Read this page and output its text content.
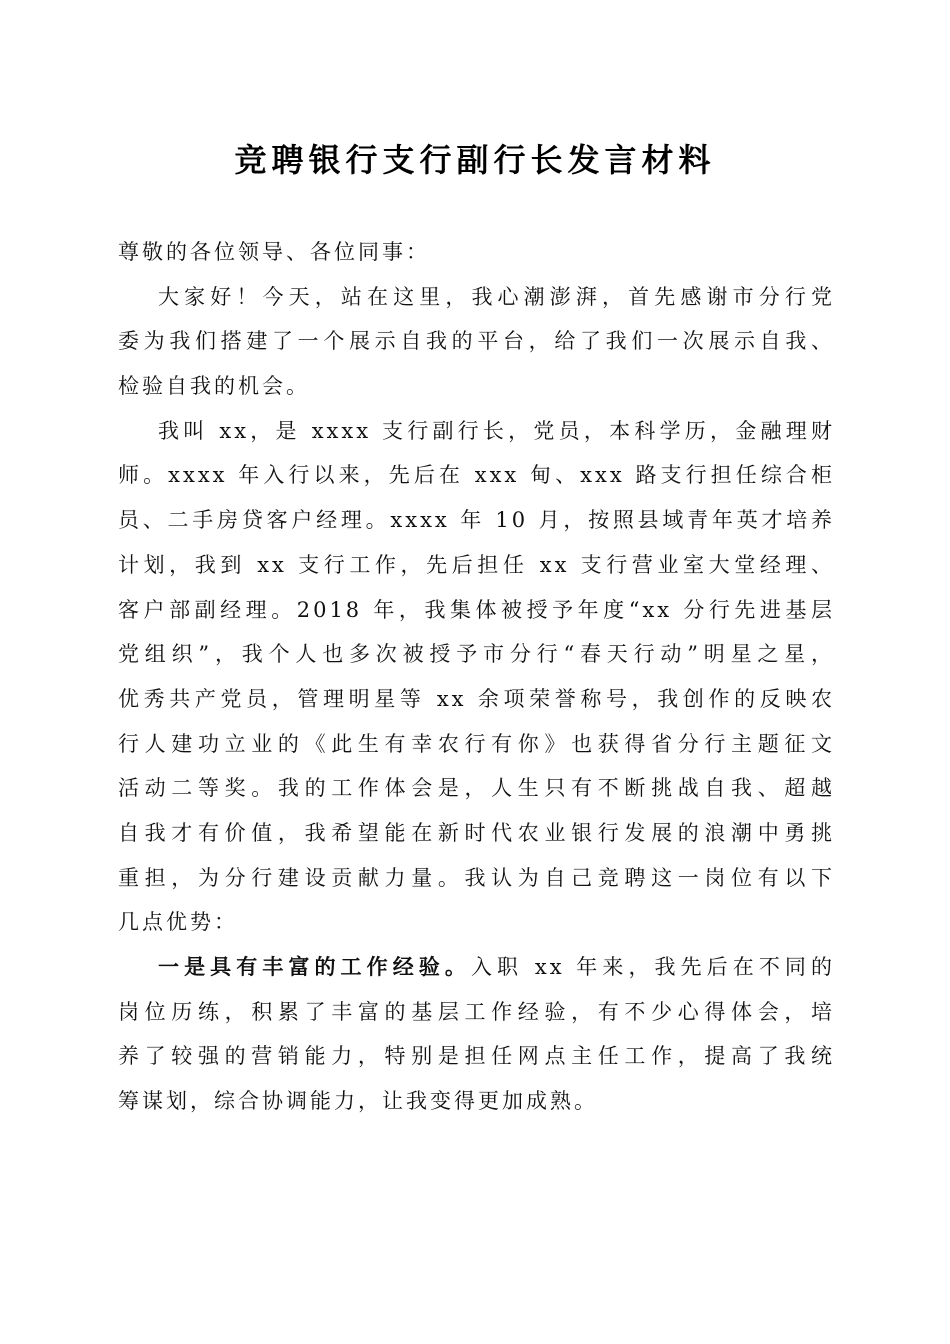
竞聘银行支行副行长发言材料
尊敬的各位领导、各位同事：
大家好！今天，站在这里，我心潮澎湃，首先感谢市分行党
委为我们搭建了一个展示自我的平台，给了我们一次展示自我、
检验自我的机会。
我叫 xx，是 xxxx 支行副行长，党员，本科学历，金融理财
师。xxxx 年入行以来，先后在 xxx 甸、xxx 路支行担任综合柜
员、二手房贷客户经理。xxxx 年 10 月，按照县域青年英才培养
计划，我到 xx 支行工作，先后担任 xx 支行营业室大堂经理、
客户部副经理。2018 年，我集体被授予年度“xx 分行先进基层
党组织”，我个人也多次被授予市分行“春天行动”明星之星，
优秀共产党员，管理明星等 xx 余项荣誉称号，我创作的反映农
行人建功立业的《此生有幸农行有你》也获得省分行主题征文
活动二等奖。我的工作体会是，人生只有不断挑战自我、超越
自我才有价值，我希望能在新时代农业银行发展的浪潮中勇挑
重担，为分行建设贡献力量。我认为自己竞聘这一岗位有以下
几点优势：
一是具有丰富的工作经验。入职 xx 年来，我先后在不同的
岗位历练，积累了丰富的基层工作经验，有不少心得体会，培
养了较强的营销能力，特别是担任网点主任工作，提高了我统
筹谋划，综合协调能力，让我变得更加成熟。
